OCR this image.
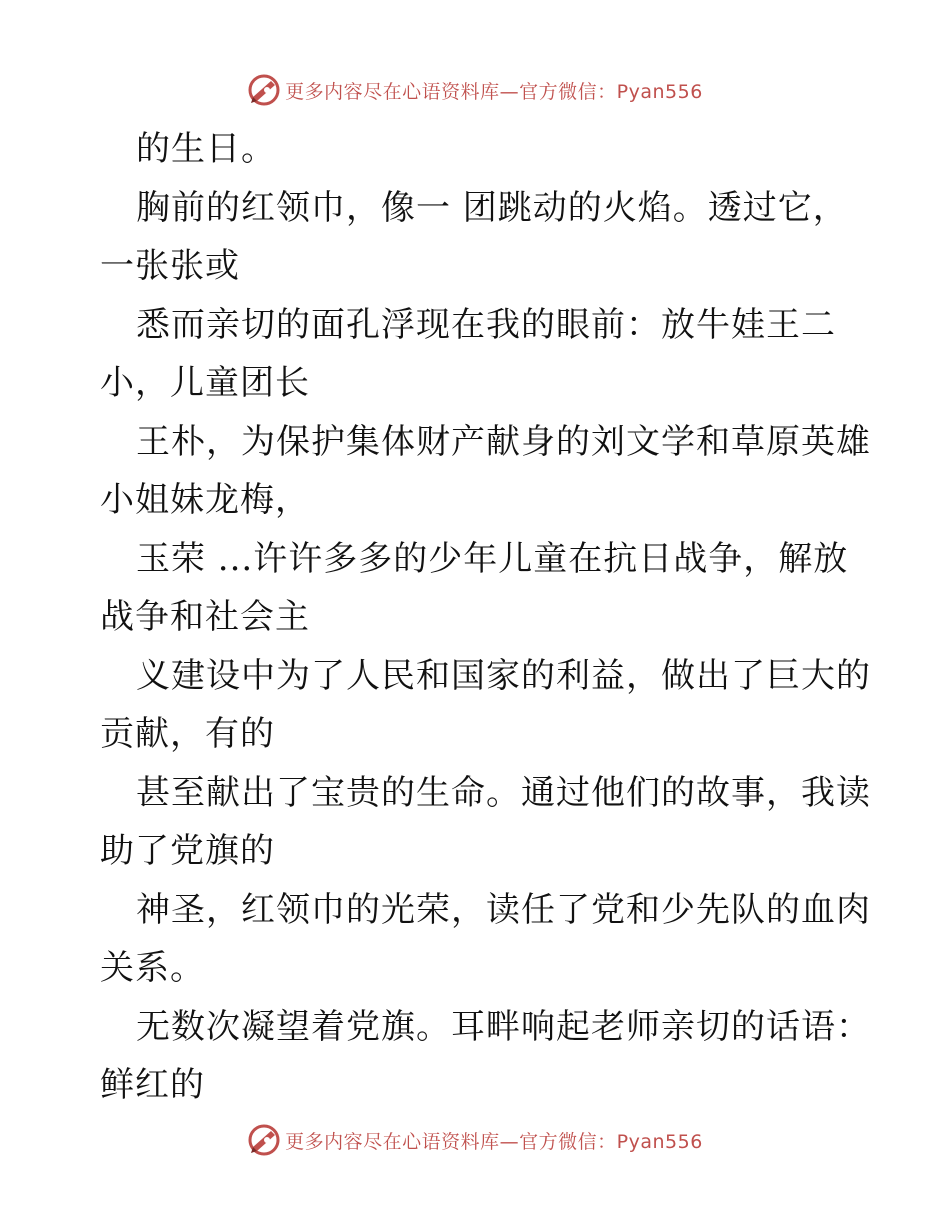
更多内容尽在心语资料库—官方微信：Pyan556
的生日。
胸前的红领巾，像一 团跳动的火焰。透过它，
一张张或
悉而亲切的面孔浮现在我的眼前：放牛娃王二
小，儿童团长
王朴，为保护集体财产献身的刘文学和草原英雄
小姐妹龙梅，
玉荣 ...许许多多的少年儿童在抗日战争，解放
战争和社会主
义建设中为了人民和国家的利益，做出了巨大的
贡献，有的
甚至献出了宝贵的生命。通过他们的故事，我读
助了党旗的
神圣，红领巾的光荣，读任了党和少先队的血肉
关系。
无数次凝望着党旗。耳畔响起老师亲切的话语：
鲜红的
更多内容尽在心语资料库—官方微信：Pyan556
